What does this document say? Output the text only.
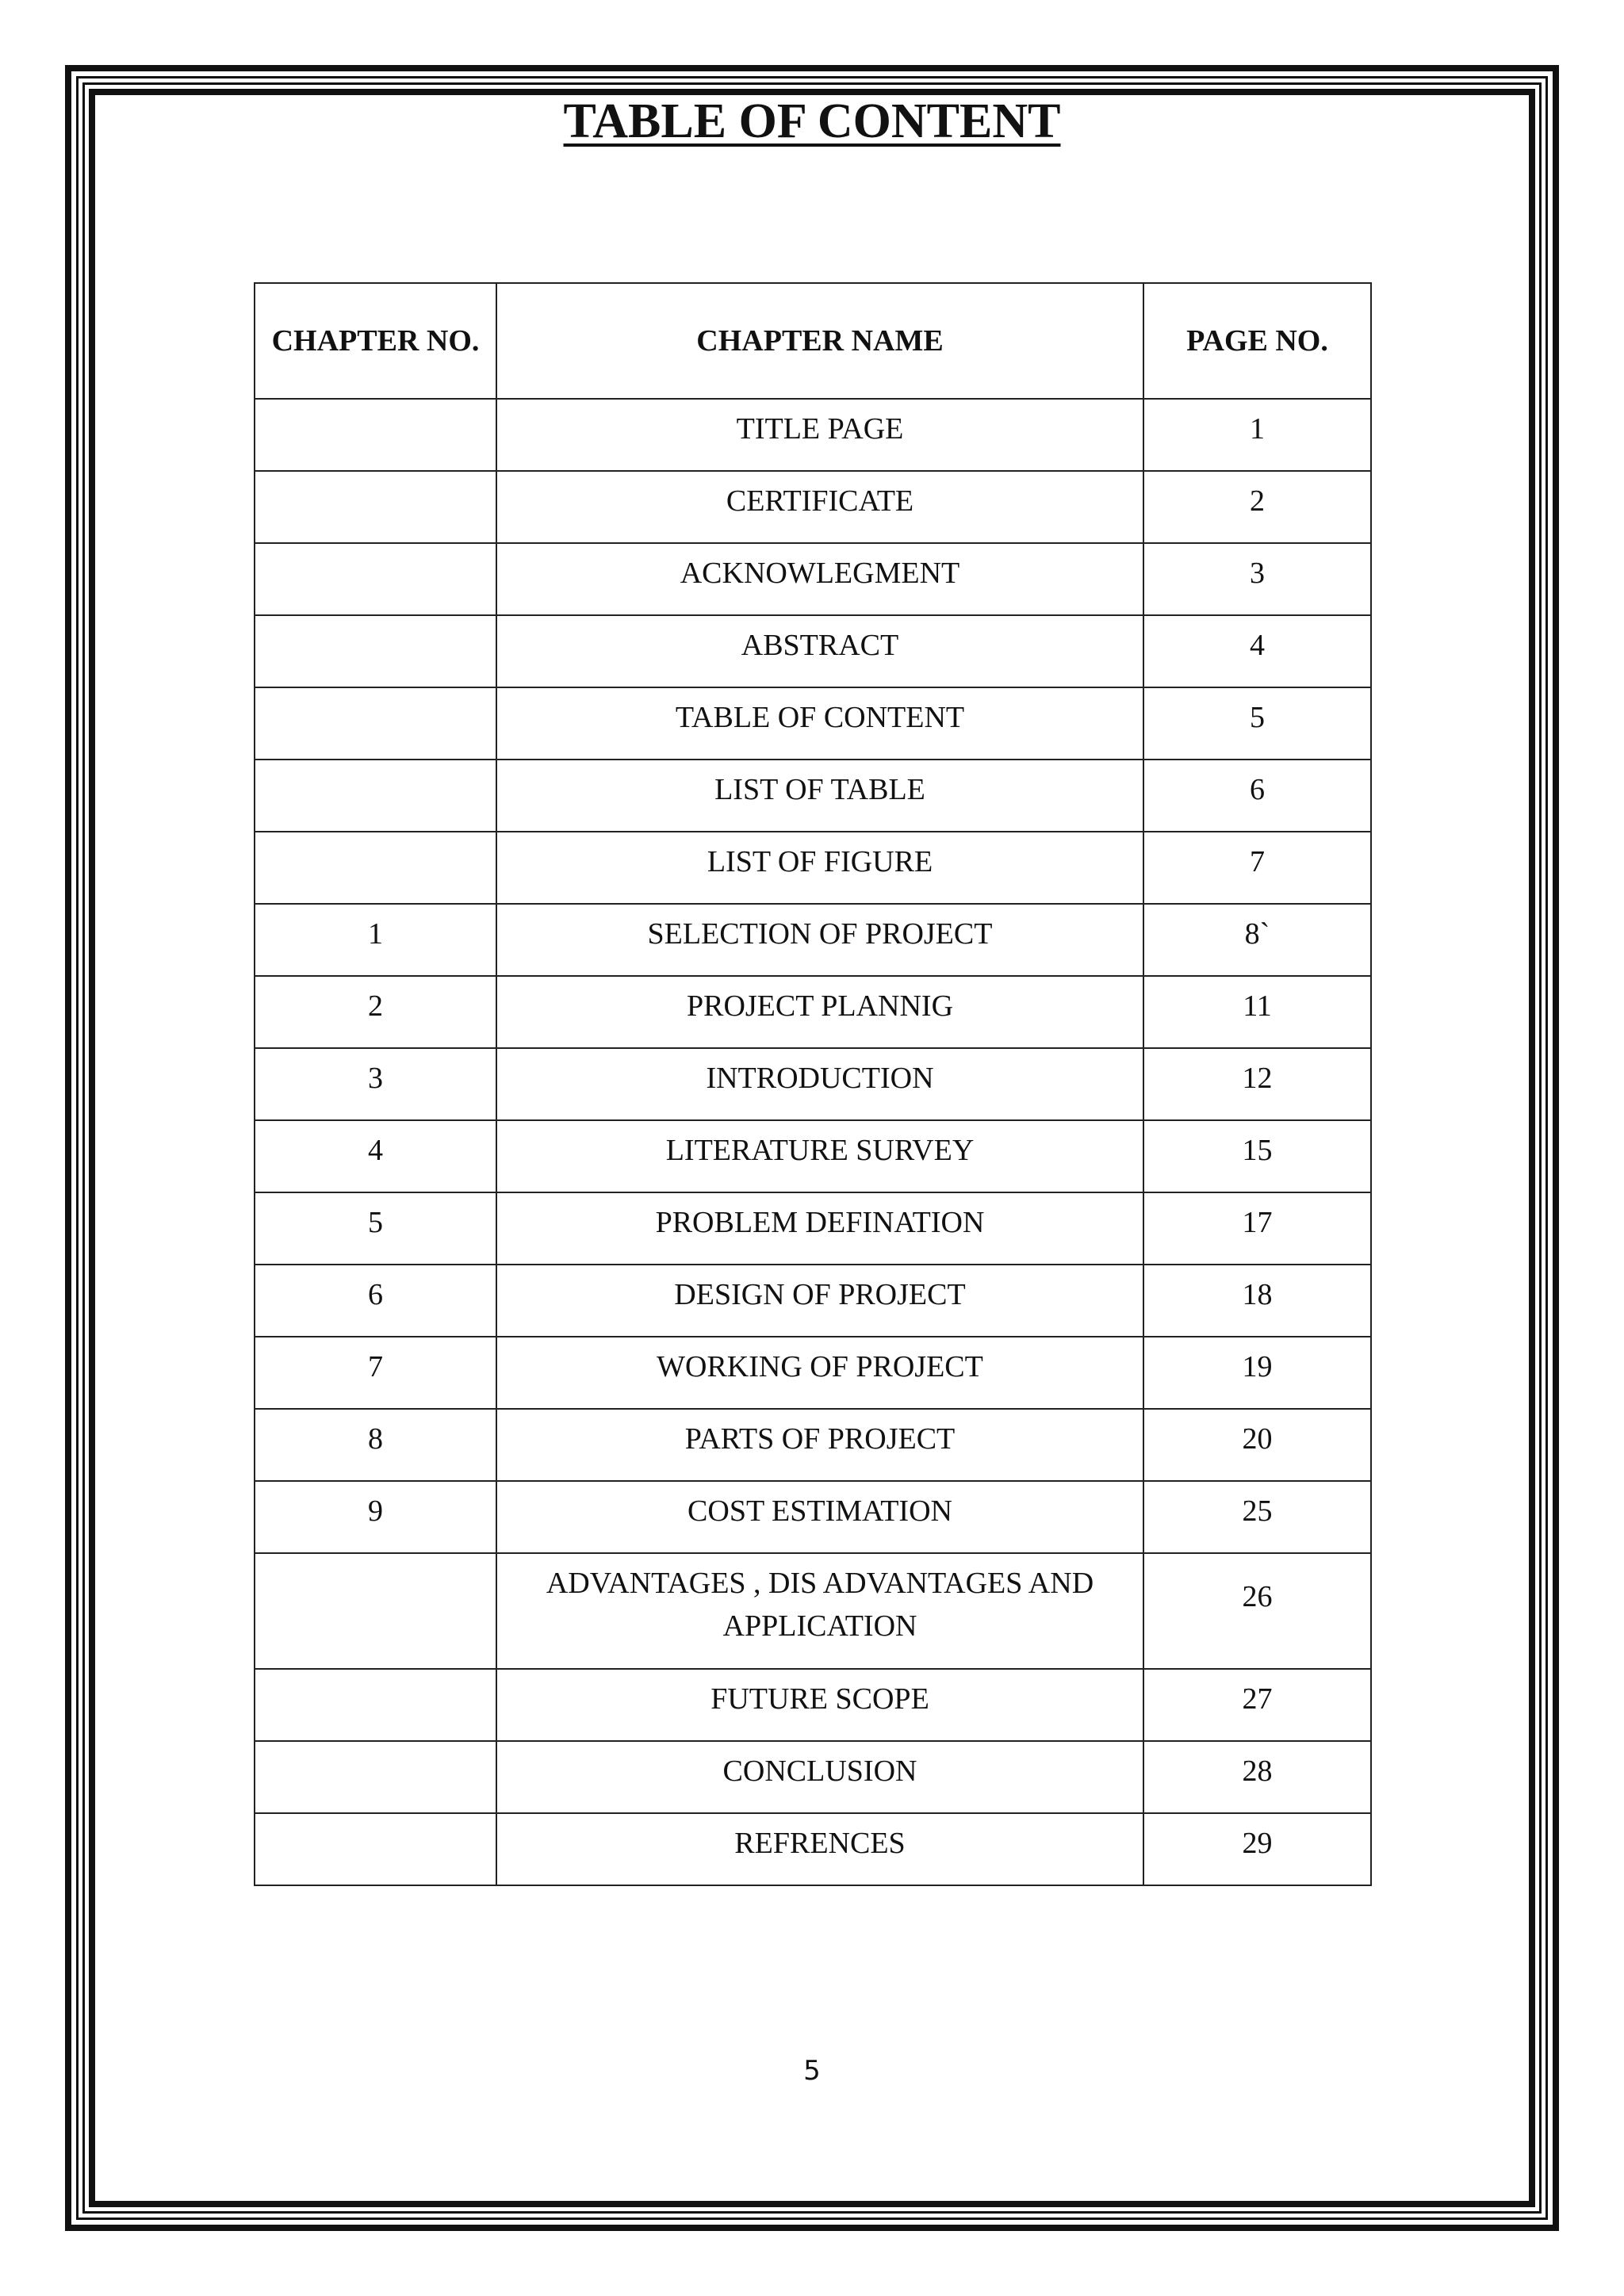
TABLE OF CONTENT
CHAPTER NO.	CHAPTER NAME	PAGE NO.
	TITLE PAGE	1
	CERTIFICATE	2
	ACKNOWLEGMENT	3
	ABSTRACT	4
	TABLE OF CONTENT	5
	LIST OF TABLE	6
	LIST OF FIGURE	7
1	SELECTION OF PROJECT	8`
2	PROJECT PLANNIG	11
3	INTRODUCTION	12
4	LITERATURE SURVEY	15
5	PROBLEM DEFINATION	17
6	DESIGN OF PROJECT	18
7	WORKING OF PROJECT	19
8	PARTS OF PROJECT	20
9	COST ESTIMATION	25
	ADVANTAGES , DIS ADVANTAGES AND APPLICATION	26
	FUTURE SCOPE	27
	CONCLUSION	28
	REFRENCES	29
5
